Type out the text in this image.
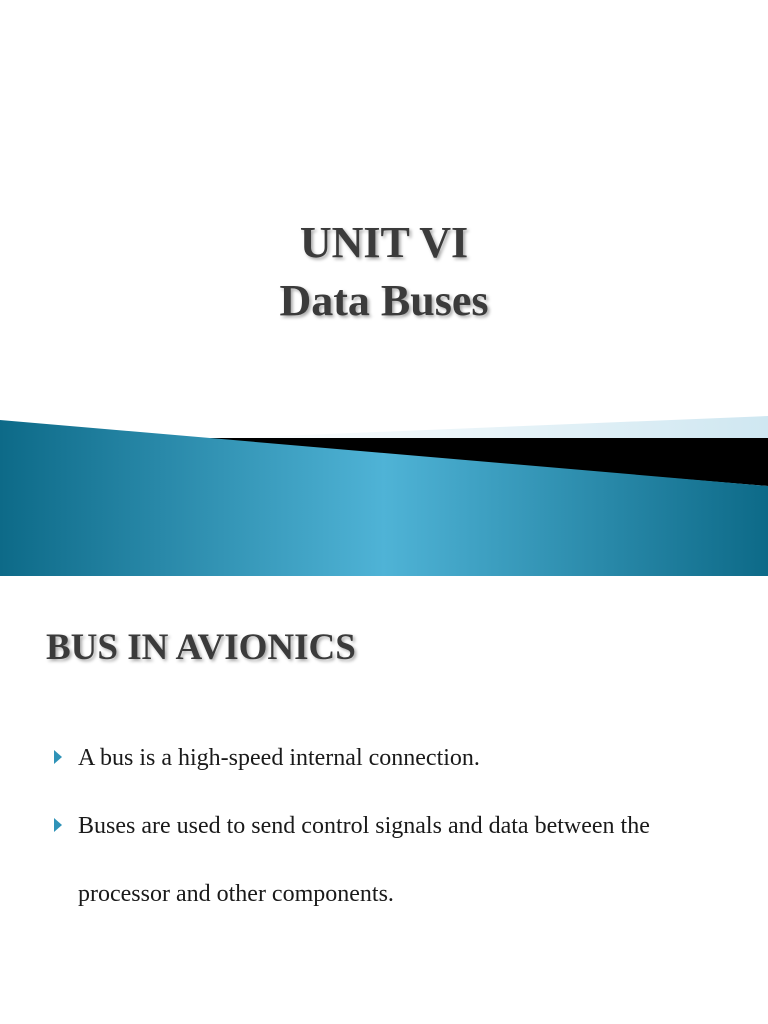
UNIT VI
Data Buses
BUS IN AVIONICS
A bus is a high-speed internal connection.
Buses are used to send control signals and data between the processor and other components.
